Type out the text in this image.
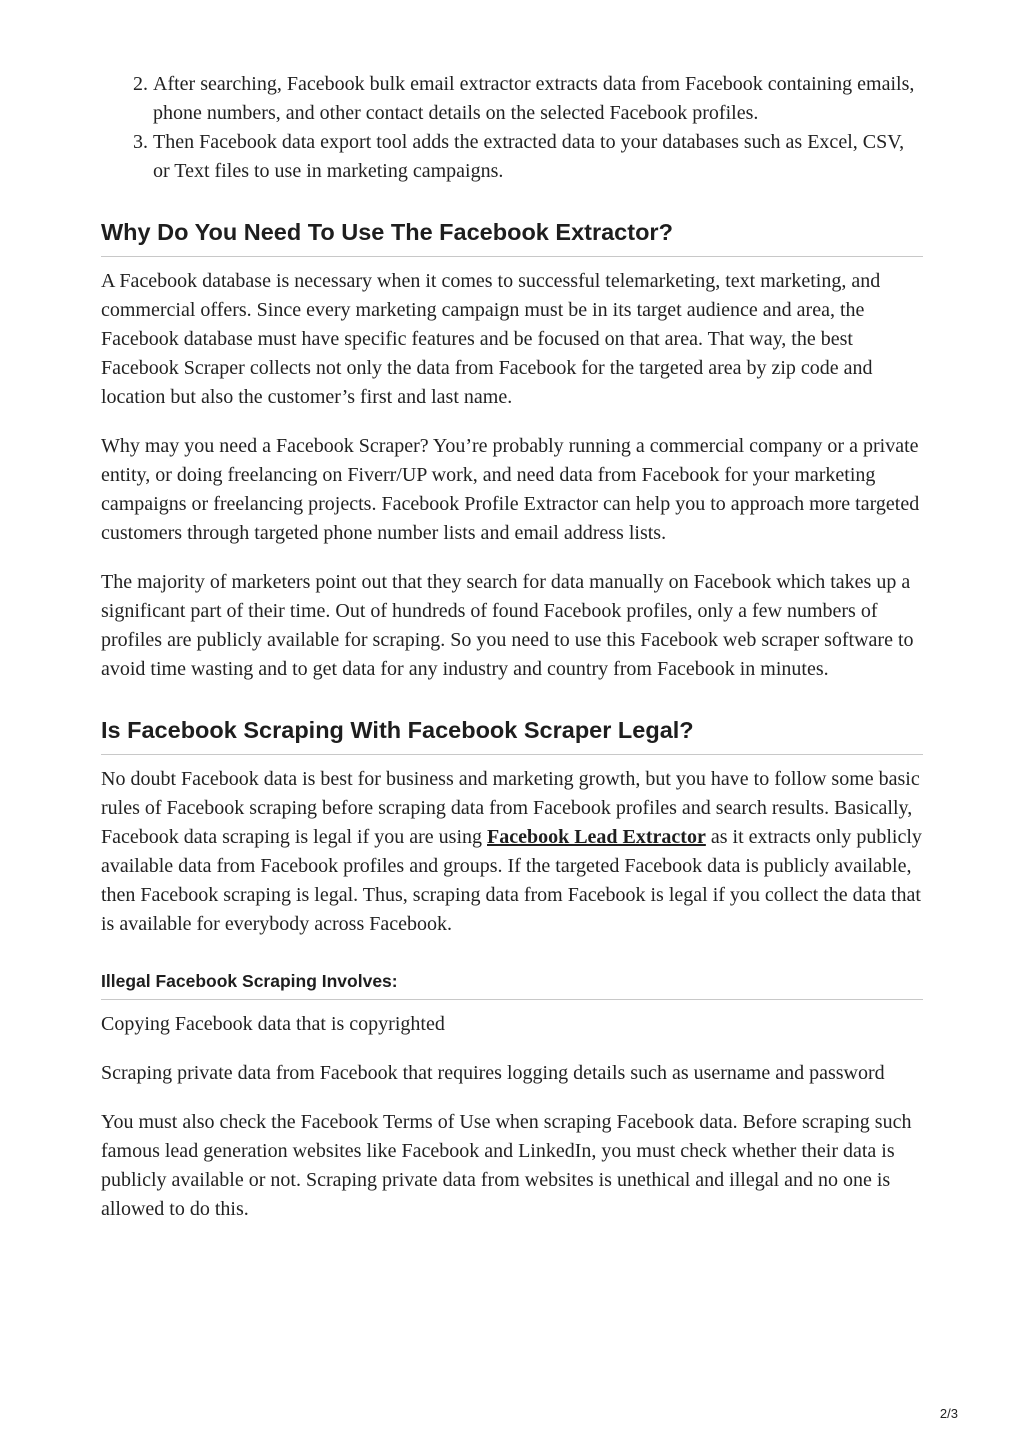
2. After searching, Facebook bulk email extractor extracts data from Facebook containing emails, phone numbers, and other contact details on the selected Facebook profiles.
3. Then Facebook data export tool adds the extracted data to your databases such as Excel, CSV, or Text files to use in marketing campaigns.
Why Do You Need To Use The Facebook Extractor?

A Facebook database is necessary when it comes to successful telemarketing, text marketing, and commercial offers. Since every marketing campaign must be in its target audience and area, the Facebook database must have specific features and be focused on that area. That way, the best Facebook Scraper collects not only the data from Facebook for the targeted area by zip code and location but also the customer’s first and last name.

Why may you need a Facebook Scraper? You’re probably running a commercial company or a private entity, or doing freelancing on Fiverr/UP work, and need data from Facebook for your marketing campaigns or freelancing projects. Facebook Profile Extractor can help you to approach more targeted customers through targeted phone number lists and email address lists.

The majority of marketers point out that they search for data manually on Facebook which takes up a significant part of their time. Out of hundreds of found Facebook profiles, only a few numbers of profiles are publicly available for scraping. So you need to use this Facebook web scraper software to avoid time wasting and to get data for any industry and country from Facebook in minutes.

Is Facebook Scraping With Facebook Scraper Legal?

No doubt Facebook data is best for business and marketing growth, but you have to follow some basic rules of Facebook scraping before scraping data from Facebook profiles and search results. Basically, Facebook data scraping is legal if you are using Facebook Lead Extractor as it extracts only publicly available data from Facebook profiles and groups. If the targeted Facebook data is publicly available, then Facebook scraping is legal. Thus, scraping data from Facebook is legal if you collect the data that is available for everybody across Facebook.

Illegal Facebook Scraping Involves:

Copying Facebook data that is copyrighted

Scraping private data from Facebook that requires logging details such as username and password

You must also check the Facebook Terms of Use when scraping Facebook data. Before scraping such famous lead generation websites like Facebook and LinkedIn, you must check whether their data is publicly available or not. Scraping private data from websites is unethical and illegal and no one is allowed to do this.

2/3
